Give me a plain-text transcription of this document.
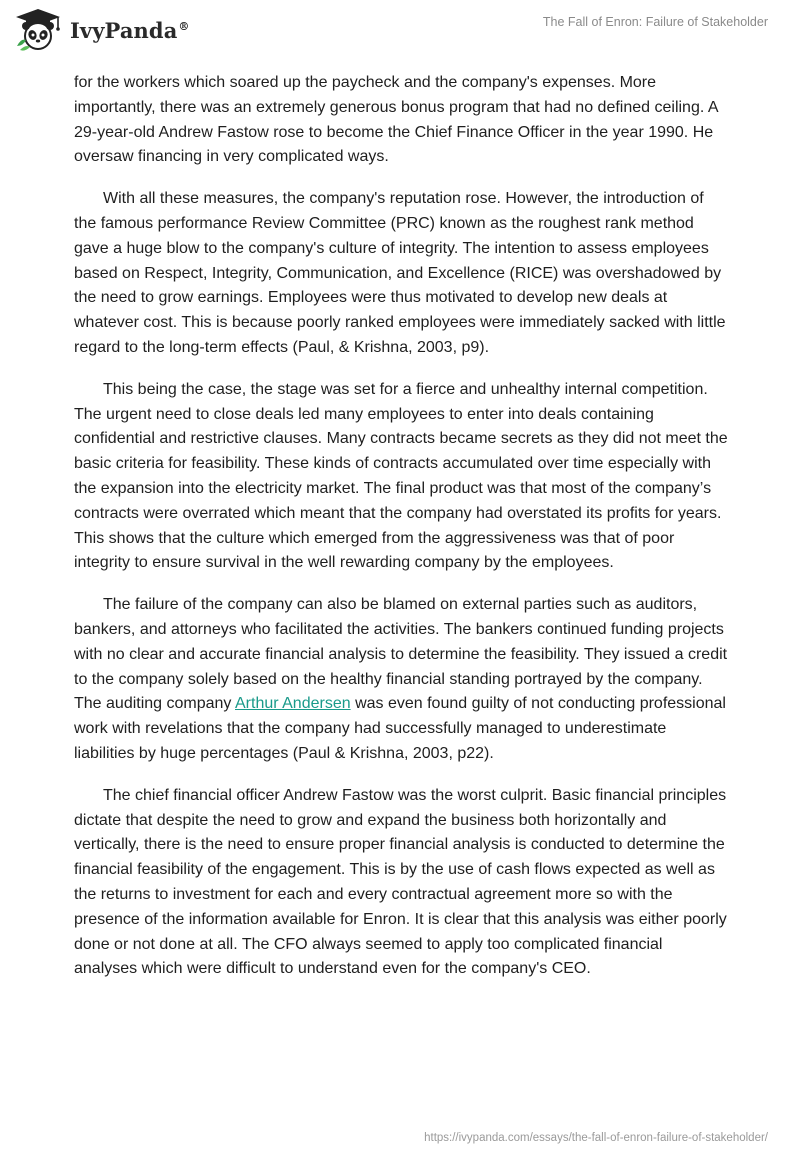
IvyPanda®	The Fall of Enron: Failure of Stakeholder

for the workers which soared up the paycheck and the company's expenses. More importantly, there was an extremely generous bonus program that had no defined ceiling. A 29-year-old Andrew Fastow rose to become the Chief Finance Officer in the year 1990. He oversaw financing in very complicated ways.

With all these measures, the company's reputation rose. However, the introduction of the famous performance Review Committee (PRC) known as the roughest rank method gave a huge blow to the company's culture of integrity. The intention to assess employees based on Respect, Integrity, Communication, and Excellence (RICE) was overshadowed by the need to grow earnings. Employees were thus motivated to develop new deals at whatever cost. This is because poorly ranked employees were immediately sacked with little regard to the long-term effects (Paul, & Krishna, 2003, p9).

This being the case, the stage was set for a fierce and unhealthy internal competition. The urgent need to close deals led many employees to enter into deals containing confidential and restrictive clauses. Many contracts became secrets as they did not meet the basic criteria for feasibility. These kinds of contracts accumulated over time especially with the expansion into the electricity market. The final product was that most of the company’s contracts were overrated which meant that the company had overstated its profits for years. This shows that the culture which emerged from the aggressiveness was that of poor integrity to ensure survival in the well rewarding company by the employees.

The failure of the company can also be blamed on external parties such as auditors, bankers, and attorneys who facilitated the activities. The bankers continued funding projects with no clear and accurate financial analysis to determine the feasibility. They issued a credit to the company solely based on the healthy financial standing portrayed by the company. The auditing company Arthur Andersen was even found guilty of not conducting professional work with revelations that the company had successfully managed to underestimate liabilities by huge percentages (Paul & Krishna, 2003, p22).

The chief financial officer Andrew Fastow was the worst culprit. Basic financial principles dictate that despite the need to grow and expand the business both horizontally and vertically, there is the need to ensure proper financial analysis is conducted to determine the financial feasibility of the engagement. This is by the use of cash flows expected as well as the returns to investment for each and every contractual agreement more so with the presence of the information available for Enron. It is clear that this analysis was either poorly done or not done at all. The CFO always seemed to apply too complicated financial analyses which were difficult to understand even for the company's CEO.

https://ivypanda.com/essays/the-fall-of-enron-failure-of-stakeholder/
